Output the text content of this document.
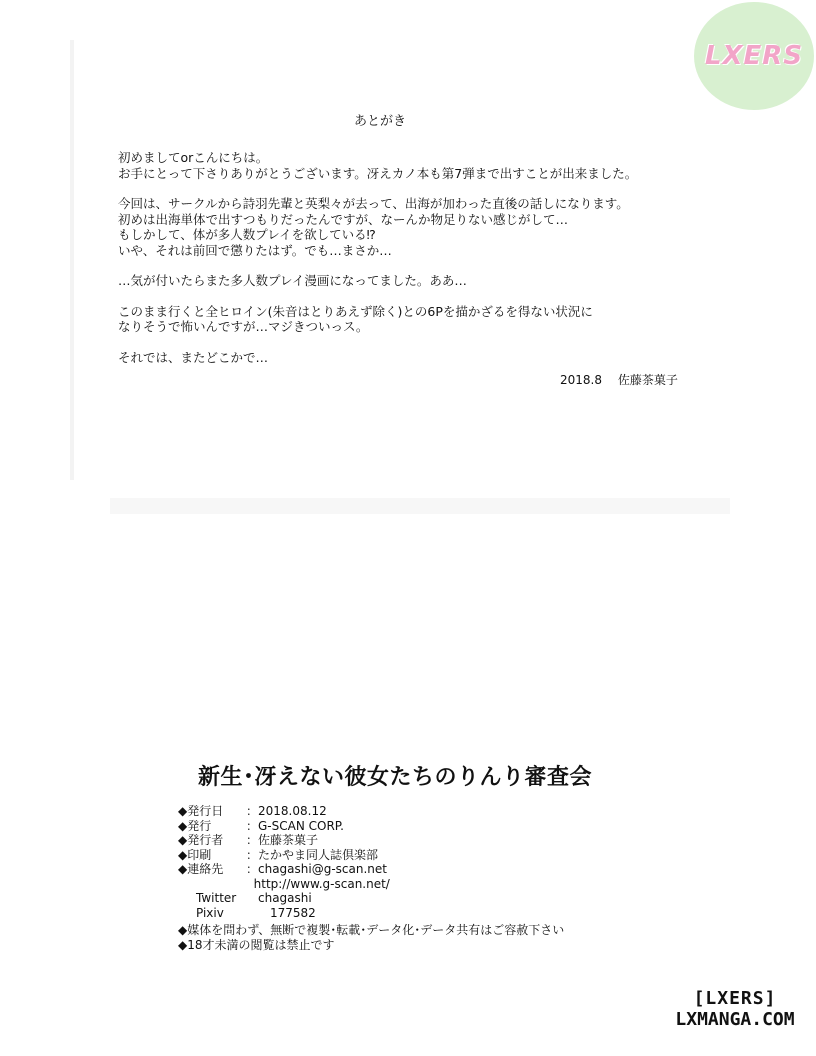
あとがき

初めましてorこんにちは。
お手にとって下さりありがとうございます。冴えカノ本も第7弾まで出すことが出来ました。

今回は、サークルから詩羽先輩と英梨々が去って、出海が加わった直後の話しになります。
初めは出海単体で出すつもりだったんですが、なーんか物足りない感じがして…
もしかして、体が多人数プレイを欲している⁉
いや、それは前回で懲りたはず。でも…まさか…

…気が付いたらまた多人数プレイ漫画になってました。ああ…

このまま行くと全ヒロイン(朱音はとりあえず除く)との6Pを描かざるを得ない状況に
なりそうで怖いんですが…マジきついっス。

それでは、またどこかで…

2018.8 佐藤茶菓子
新生･冴えない彼女たちのりんり審査会
◆発行日	：2018.08.12
◆発行	：G-SCAN CORP.
◆発行者	：佐藤茶菓子
◆印刷	：たかやま同人誌倶楽部
◆連絡先	：chagashi@g-scan.net
http://www.g-scan.net/
Twitter	chagashi
Pixiv	177582
◆媒体を問わず、無断で複製･転載･データ化･データ共有はご容赦下さい
◆18才未満の閲覧は禁止です
LXERS
[LXERS]
LXMANGA.COM
